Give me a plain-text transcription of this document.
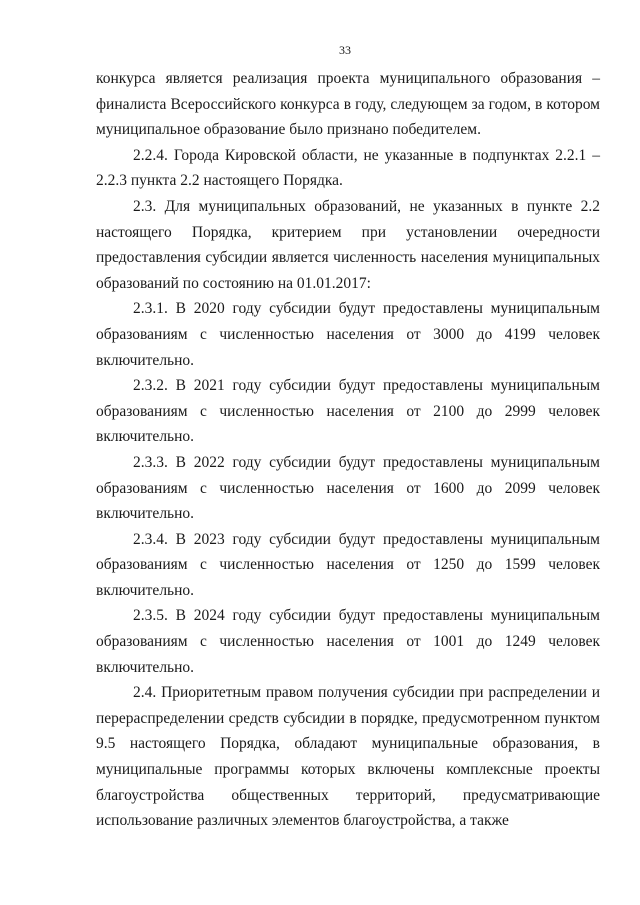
33

конкурса является реализация проекта муниципального образования – финалиста Всероссийского конкурса в году, следующем за годом, в котором муниципальное образование было признано победителем.

2.2.4. Города Кировской области, не указанные в подпунктах 2.2.1 – 2.2.3 пункта 2.2 настоящего Порядка.

2.3. Для муниципальных образований, не указанных в пункте 2.2 настоящего Порядка, критерием при установлении очередности предоставления субсидии является численность населения муниципальных образований по состоянию на 01.01.2017:

2.3.1. В 2020 году субсидии будут предоставлены муниципальным образованиям с численностью населения от 3000 до 4199 человек включительно.

2.3.2. В 2021 году субсидии будут предоставлены муниципальным образованиям с численностью населения от 2100 до 2999 человек включительно.

2.3.3. В 2022 году субсидии будут предоставлены муниципальным образованиям с численностью населения от 1600 до 2099 человек включительно.

2.3.4. В 2023 году субсидии будут предоставлены муниципальным образованиям с численностью населения от 1250 до 1599 человек включительно.

2.3.5. В 2024 году субсидии будут предоставлены муниципальным образованиям с численностью населения от 1001 до 1249 человек включительно.

2.4. Приоритетным правом получения субсидии при распределении и перераспределении средств субсидии в порядке, предусмотренном пунктом 9.5 настоящего Порядка, обладают муниципальные образования, в муниципальные программы которых включены комплексные проекты благоустройства общественных территорий, предусматривающие использование различных элементов благоустройства, а также
